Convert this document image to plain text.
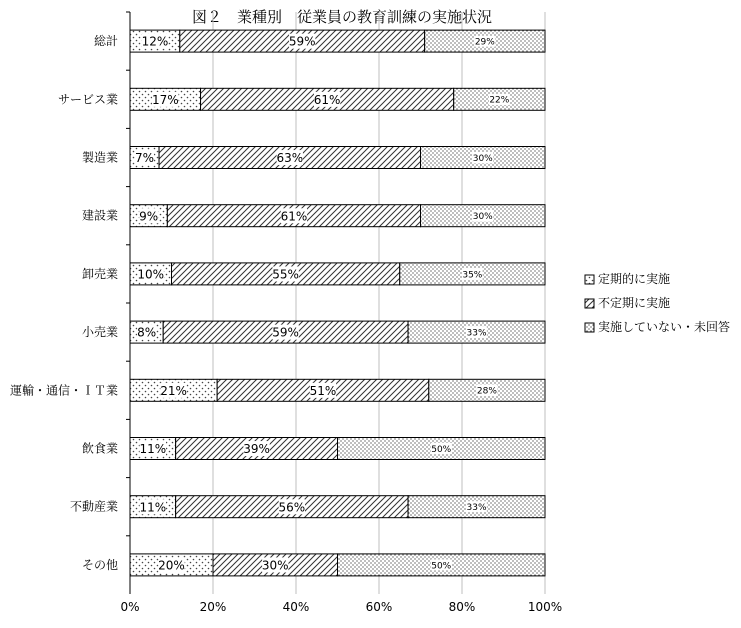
図２　業種別　従業員の教育訓練の実施状況
0%	20%	40%	60%	80%	100%
総計 12%	59%	29%
サービス業	17%	61%	22%
製造業 7%	63%	30%
建設業 9%	61%	30%
卸売業 10%	55%	35%
小売業 8%	59%	33%
運輸・通信・ＩＴ業	21%	51%	28%
飲食業 11%	39%	50%
不動産業 11%	56%	33%
その他	20%	30%	50%
定期的に実施
不定期に実施
実施していない・未回答
